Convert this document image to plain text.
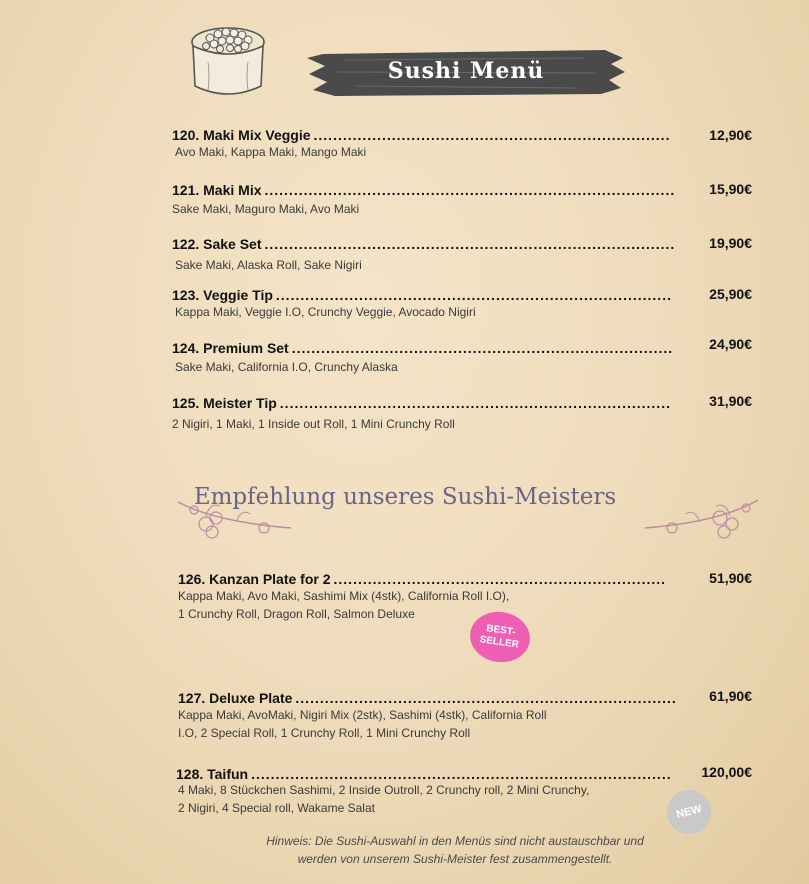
Sushi Menü
120. Maki Mix Veggie .....	12,90€
Avo Maki, Kappa Maki, Mango Maki
121. Maki Mix .....	15,90€
Sake Maki, Maguro Maki, Avo Maki
122. Sake Set .....	19,90€
Sake Maki, Alaska Roll, Sake Nigiri
123. Veggie Tip .....	25,90€
Kappa Maki, Veggie I.O, Crunchy Veggie, Avocado Nigiri
124. Premium Set .....	24,90€
Sake Maki, California I.O, Crunchy Alaska
125. Meister Tip .....	31,90€
2 Nigiri, 1 Maki, 1 Inside out Roll, 1 Mini Crunchy Roll
Empfehlung unseres Sushi-Meisters
126. Kanzan Plate for 2 .....	51,90€
Kappa Maki, Avo Maki, Sashimi Mix (4stk), California Roll I.O),
1 Crunchy Roll, Dragon Roll, Salmon Deluxe
BEST-
SELLER
127. Deluxe Plate .....	61,90€
Kappa Maki, AvoMaki, Nigiri Mix (2stk), Sashimi (4stk), California Roll
I.O, 2 Special Roll, 1 Crunchy Roll, 1 Mini Crunchy Roll
128. Taifun .....	120,00€
4 Maki, 8 Stückchen Sashimi, 2 Inside Outroll, 2 Crunchy roll, 2 Mini Crunchy,
2 Nigiri, 4 Special roll, Wakame Salat	NEW
Hinweis: Die Sushi-Auswahl in den Menüs sind nicht austauschbar und
werden von unserem Sushi-Meister fest zusammengestellt.
